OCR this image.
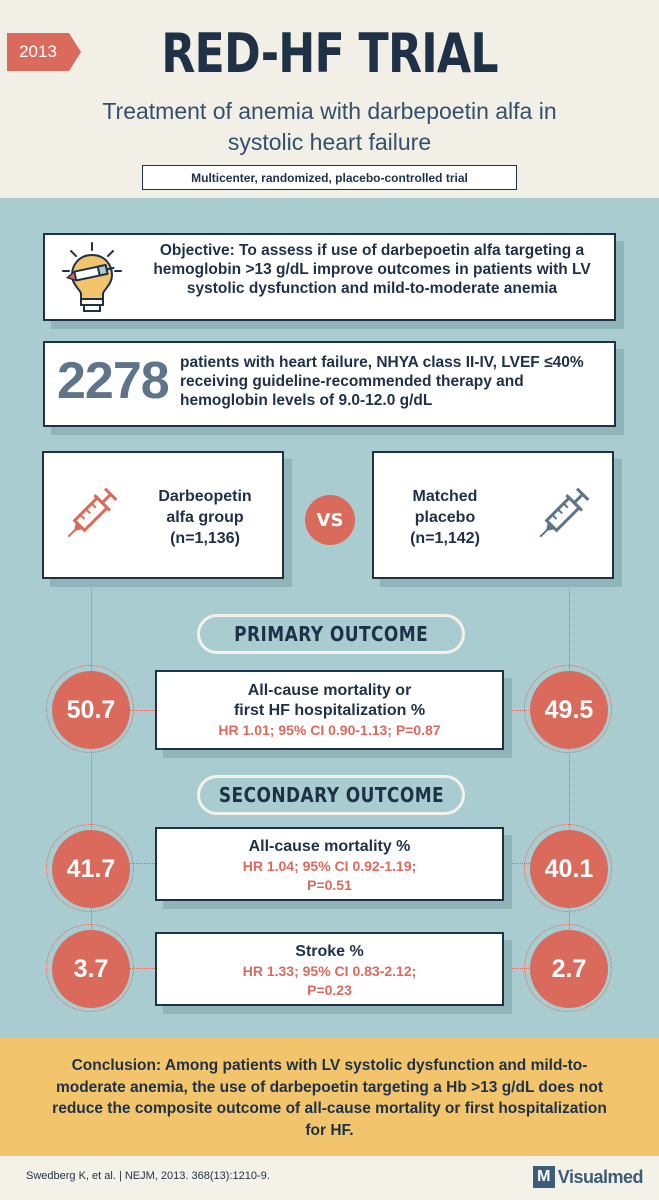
2013	RED-HF TRIAL
Treatment of anemia with darbepoetin alfa in systolic heart failure
Multicenter, randomized, placebo-controlled trial
Objective: To assess if use of darbepoetin alfa targeting a hemoglobin >13 g/dL improve outcomes in patients with LV systolic dysfunction and mild-to-moderate anemia
2278 patients with heart failure, NHYA class II-IV, LVEF ≤40% receiving guideline-recommended therapy and hemoglobin levels of 9.0-12.0 g/dL
Darbeopetin
alfa group
(n=1,136)
VS
Matched
placebo
(n=1,142)
PRIMARY OUTCOME
All-cause mortality or
first HF hospitalization %
HR 1.01; 95% CI 0.90-1.13; P=0.87
50.7	49.5
SECONDARY OUTCOME
All-cause mortality %
HR 1.04; 95% CI 0.92-1.19;
P=0.51
41.7	40.1
Stroke %
HR 1.33; 95% CI 0.83-2.12;
P=0.23
3.7	2.7
Conclusion: Among patients with LV systolic dysfunction and mild-to-moderate anemia, the use of darbepoetin targeting a Hb >13 g/dL does not reduce the composite outcome of all-cause mortality or first hospitalization for HF.
Swedberg K, et al. | NEJM, 2013. 368(13):1210-9.	M Visualmed
